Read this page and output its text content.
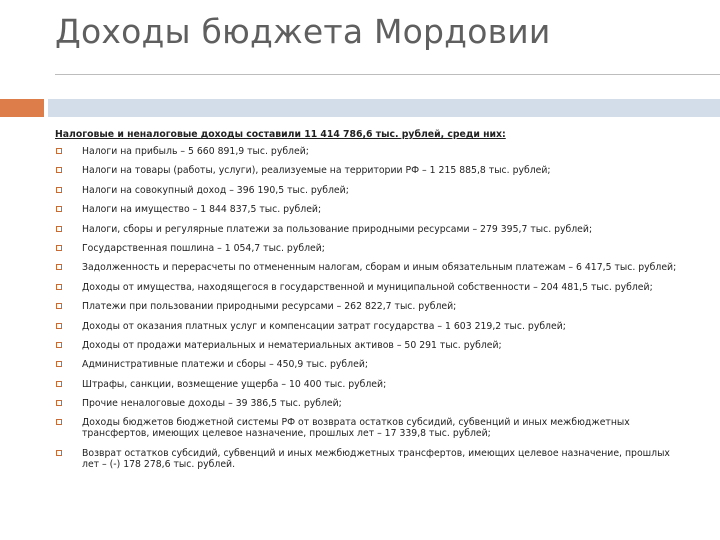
Доходы бюджета Мордовии
Налоговые и неналоговые доходы составили 11 414 786,6 тыс. рублей, среди них:
Налоги на прибыль – 5 660 891,9 тыс. рублей;
Налоги на товары (работы, услуги), реализуемые на территории РФ – 1 215 885,8 тыс. рублей;
Налоги на совокупный доход – 396 190,5 тыс. рублей;
Налоги на имущество – 1 844 837,5 тыс. рублей;
Налоги, сборы и регулярные платежи за пользование природными ресурсами – 279 395,7 тыс. рублей;
Государственная пошлина – 1 054,7 тыс. рублей;
Задолженность и перерасчеты по отмененным налогам, сборам и иным обязательным платежам – 6 417,5 тыс. рублей;
Доходы от имущества, находящегося в государственной и муниципальной собственности – 204 481,5 тыс. рублей;
Платежи при пользовании природными ресурсами – 262 822,7 тыс. рублей;
Доходы от оказания платных услуг и компенсации затрат государства – 1 603 219,2 тыс. рублей;
Доходы от продажи материальных и нематериальных активов – 50 291 тыс. рублей;
Административные платежи и сборы – 450,9 тыс. рублей;
Штрафы, санкции, возмещение ущерба – 10 400 тыс. рублей;
Прочие неналоговые доходы – 39 386,5 тыс. рублей;
Доходы бюджетов бюджетной системы РФ от возврата остатков субсидий, субвенций и иных межбюджетных трансфертов, имеющих целевое назначение, прошлых лет – 17 339,8 тыс. рублей;
Возврат остатков субсидий, субвенций и иных межбюджетных трансфертов, имеющих целевое назначение, прошлых лет – (-) 178 278,6 тыс. рублей.
